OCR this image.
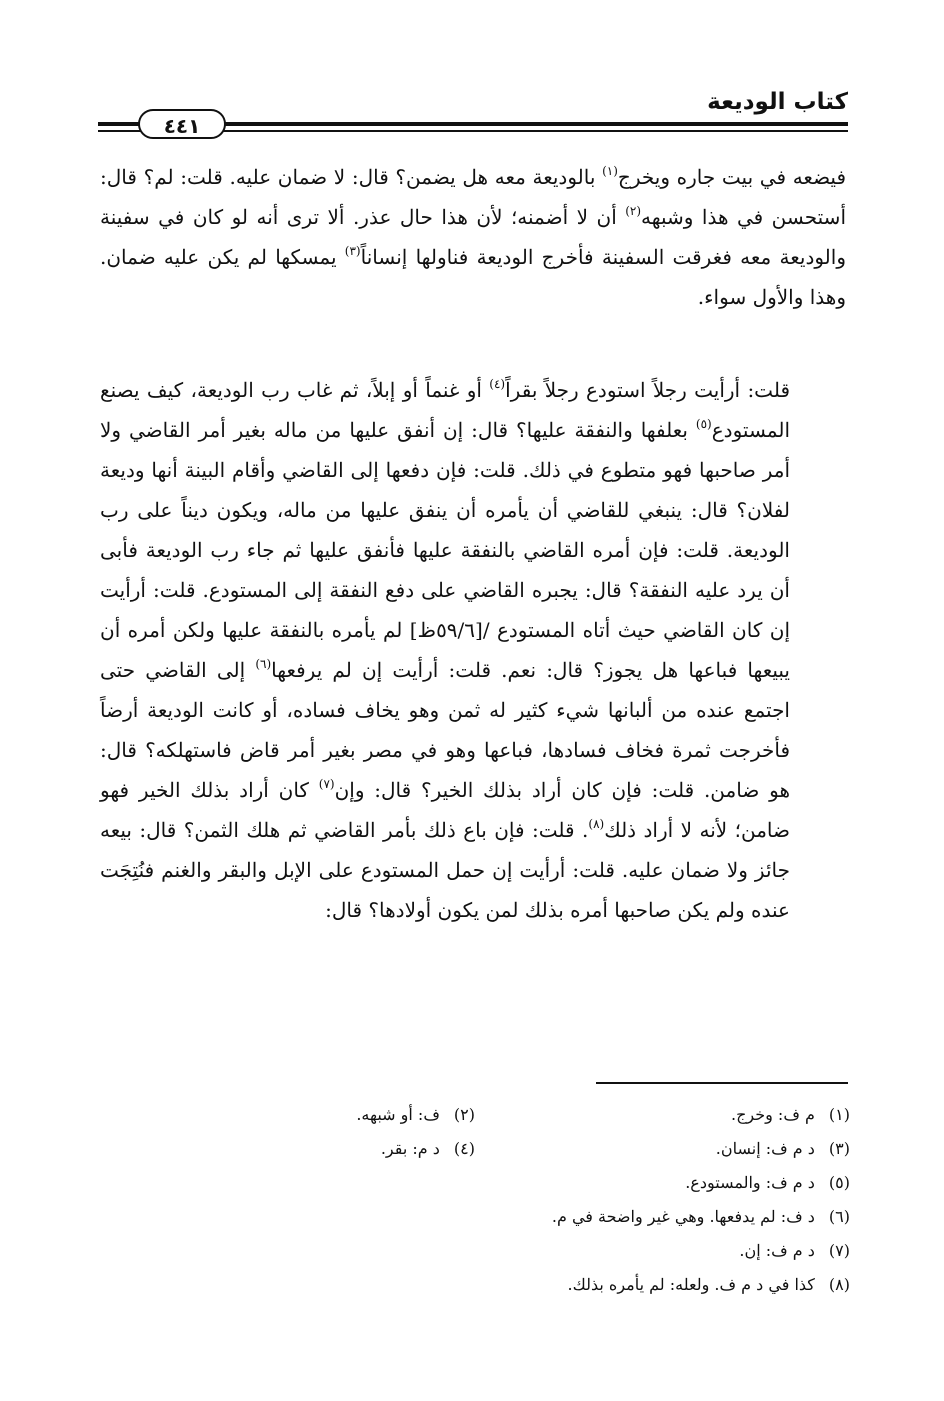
كتاب الوديعة
٤٤١

فيضعه في بيت جاره ويخرج$^{(١)}$ بالوديعة معه هل يضمن؟ قال: لا ضمان عليه. قلت: لم؟ قال: أستحسن في هذا وشبهه$^{(٢)}$ أن لا أضمنه؛ لأن هذا حال عذر. ألا ترى أنه لو كان في سفينة والوديعة معه فغرقت السفينة فأخرج الوديعة فناولها إنساناً$^{(٣)}$ يمسكها لم يكن عليه ضمان. وهذا والأول سواء.

قلت: أرأيت رجلاً استودع رجلاً بقراً$^{(٤)}$ أو غنماً أو إبلاً، ثم غاب رب الوديعة، كيف يصنع المستودع$^{(٥)}$ بعلفها والنفقة عليها؟ قال: إن أنفق عليها من ماله بغير أمر القاضي ولا أمر صاحبها فهو متطوع في ذلك. قلت: فإن دفعها إلى القاضي وأقام البينة أنها وديعة لفلان؟ قال: ينبغي للقاضي أن يأمره أن ينفق عليها من ماله، ويكون ديناً على رب الوديعة. قلت: فإن أمره القاضي بالنفقة عليها فأنفق عليها ثم جاء رب الوديعة فأبى أن يرد عليه النفقة؟ قال: يجبره القاضي على دفع النفقة إلى المستودع. قلت: أرأيت إن كان القاضي حيث أتاه المستودع /[٥٩/٦ظ] لم يأمره بالنفقة عليها ولكن أمره أن يبيعها فباعها هل يجوز؟ قال: نعم. قلت: أرأيت إن لم يرفعها$^{(٦)}$ إلى القاضي حتى اجتمع عنده من ألبانها شيء كثير له ثمن وهو يخاف فساده، أو كانت الوديعة أرضاً فأخرجت ثمرة فخاف فسادها، فباعها وهو في مصر بغير أمر قاض فاستهلكه؟ قال: هو ضامن. قلت: فإن كان أراد بذلك الخير؟ قال: وإن$^{(٧)}$ كان أراد بذلك الخير فهو ضامن؛ لأنه لا أراد ذلك$^{(٨)}$. قلت: فإن باع ذلك بأمر القاضي ثم هلك الثمن؟ قال: بيعه جائز ولا ضمان عليه. قلت: أرأيت إن حمل المستودع على الإبل والبقر والغنم فنُتِجَت عنده ولم يكن صاحبها أمره بذلك لمن يكون أولادها؟ قال:

(١) م ف: وخرج.
(٢) ف: أو شبهه.
(٣) د م ف: إنسان.
(٤) د م: بقر.
(٥) د م ف: والمستودع.
(٦) د ف: لم يدفعها. وهي غير واضحة في م.
(٧) د م ف: إن.
(٨) كذا في د م ف. ولعله: لم يأمره بذلك.
